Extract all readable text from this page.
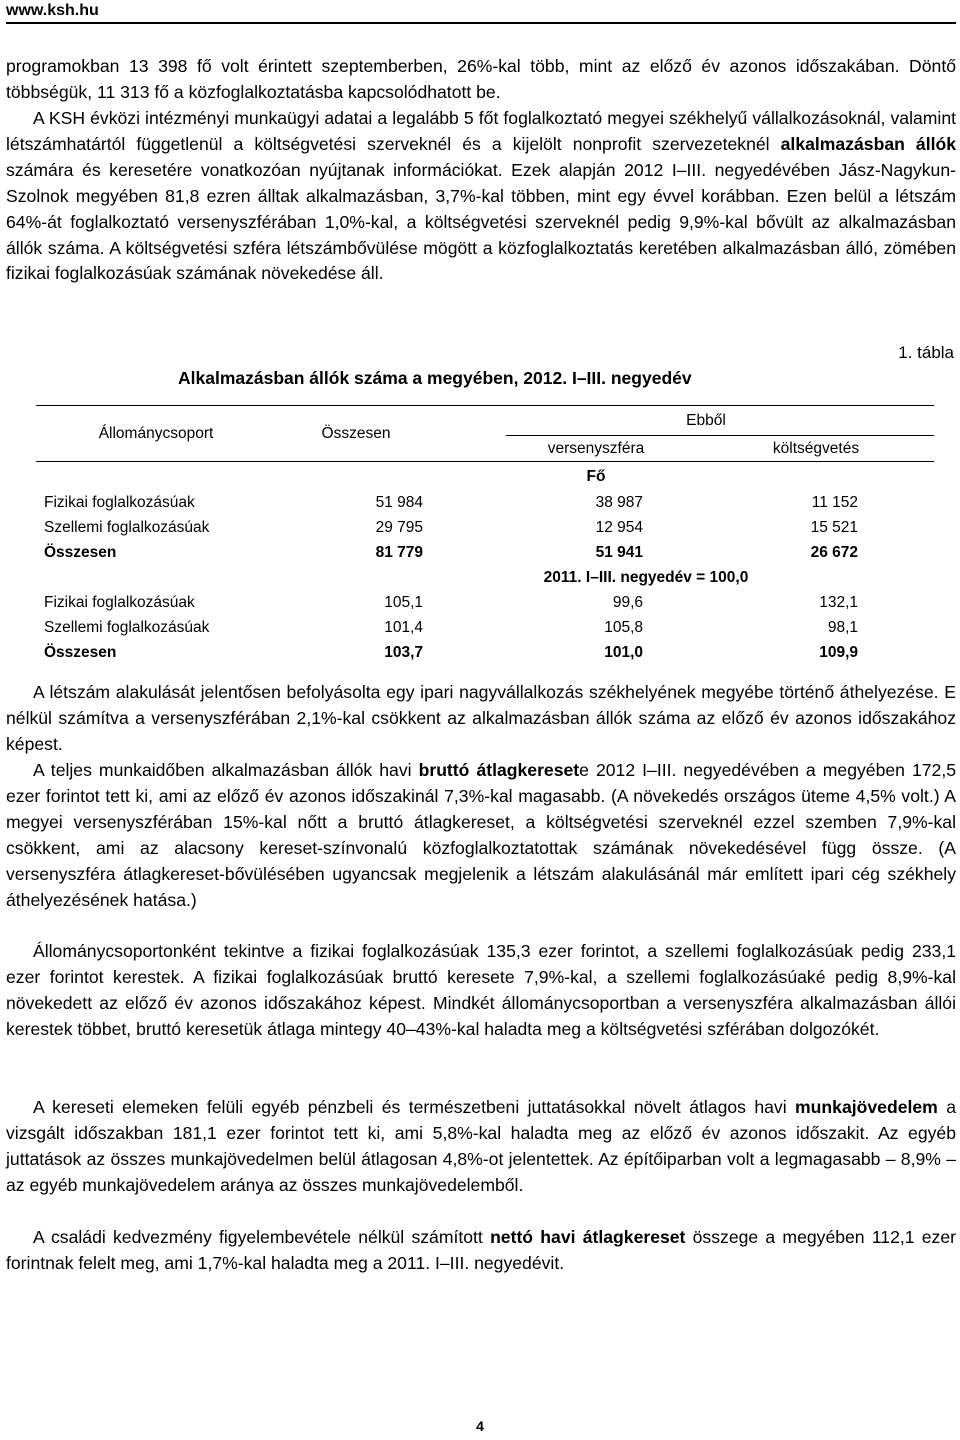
www.ksh.hu

programokban 13 398 fő volt érintett szeptemberben, 26%-kal több, mint az előző év azonos időszakában. Döntő többségük, 11 313 fő a közfoglalkoztatásba kapcsolódhatott be.

A KSH évközi intézményi munkaügyi adatai a legalább 5 főt foglalkoztató megyei székhelyű vállalkozásoknál, valamint létszámhatártól függetlenül a költségvetési szerveknél és a kijelölt nonprofit szervezeteknél alkalmazásban állók számára és keresetére vonatkozóan nyújtanak információkat. Ezek alapján 2012 I–III. negyedévében Jász-Nagykun-Szolnok megyében 81,8 ezren álltak alkalmazásban, 3,7%-kal többen, mint egy évvel korábban. Ezen belül a létszám 64%-át foglalkoztató versenyszférában 1,0%-kal, a költségvetési szerveknél pedig 9,9%-kal bővült az alkalmazásban állók száma. A költségvetési szféra létszámbővülése mögött a közfoglalkoztatás keretében alkalmazásban álló, zömében fizikai foglalkozásúak számának növekedése áll.

1. tábla
Alkalmazásban állók száma a megyében, 2012. I–III. negyedév
Állománycsoport	Összesen
Ebből
versenyszféra	költségvetés
Fő
Fizikai foglalkozásúak	51 984	38 987	11 152
Szellemi foglalkozásúak	29 795	12 954	15 521
Összesen	81 779	51 941	26 672
2011. I–III. negyedév = 100,0
Fizikai foglalkozásúak	105,1	99,6	132,1
Szellemi foglalkozásúak	101,4	105,8	98,1
Összesen	103,7	101,0	109,9

A létszám alakulását jelentősen befolyásolta egy ipari nagyvállalkozás székhelyének megyébe történő áthelyezése. E nélkül számítva a versenyszférában 2,1%-kal csökkent az alkalmazásban állók száma az előző év azonos időszakához képest.

A teljes munkaidőben alkalmazásban állók havi bruttó átlagkeresete 2012 I–III. negyedévében a megyében 172,5 ezer forintot tett ki, ami az előző év azonos időszakinál 7,3%-kal magasabb. (A növekedés országos üteme 4,5% volt.) A megyei versenyszférában 15%-kal nőtt a bruttó átlagkereset, a költségvetési szerveknél ezzel szemben 7,9%-kal csökkent, ami az alacsony kereset-színvonalú közfoglalkoztatottak számának növekedésével függ össze. (A versenyszféra átlagkereset-bővülésében ugyancsak megjelenik a létszám alakulásánál már említett ipari cég székhely áthelyezésének hatása.)

Állománycsoportonként tekintve a fizikai foglalkozásúak 135,3 ezer forintot, a szellemi foglalkozásúak pedig 233,1 ezer forintot kerestek. A fizikai foglalkozásúak bruttó keresete 7,9%-kal, a szellemi foglalkozásúaké pedig 8,9%-kal növekedett az előző év azonos időszakához képest. Mindkét állománycsoportban a versenyszféra alkalmazásban állói kerestek többet, bruttó keresetük átlaga mintegy 40–43%-kal haladta meg a költségvetési szférában dolgozókét.

A kereseti elemeken felüli egyéb pénzbeli és természetbeni juttatásokkal növelt átlagos havi munkajövedelem a vizsgált időszakban 181,1 ezer forintot tett ki, ami 5,8%-kal haladta meg az előző év azonos időszakit. Az egyéb juttatások az összes munkajövedelmen belül átlagosan 4,8%-ot jelentettek. Az építőiparban volt a legmagasabb – 8,9% – az egyéb munkajövedelem aránya az összes munkajövedelemből.

A családi kedvezmény figyelembevétele nélkül számított nettó havi átlagkereset összege a megyében 112,1 ezer forintnak felelt meg, ami 1,7%-kal haladta meg a 2011. I–III. negyedévit.

4
